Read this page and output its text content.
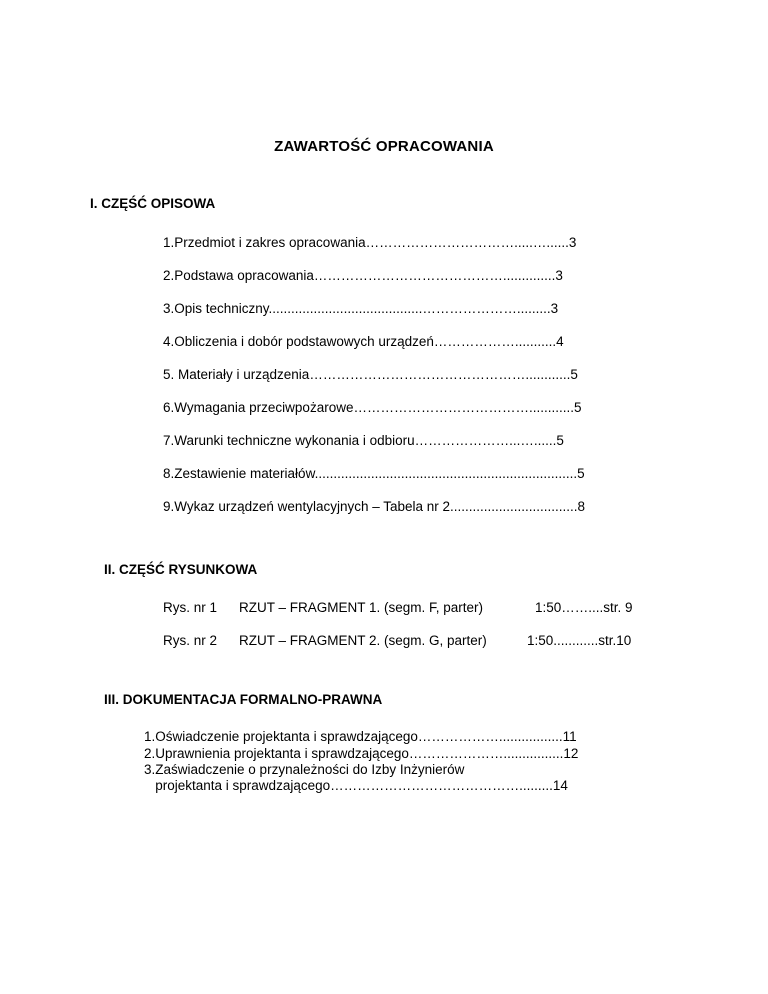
ZAWARTOŚĆ OPRACOWANIA
I. CZĘŚĆ OPISOWA
1.Przedmiot i zakres opracowania…………………………….....…......3
2.Podstawa opracowania……………………………………..............3
3.Opis techniczny.........................................………………….........3
4.Obliczenia i dobór podstawowych urządzeń………………...........4
5. Materiały i urządzenia…………………………………………............5
6.Wymagania przeciwpożarowe…………………………………............5
7.Warunki techniczne wykonania i odbioru…………………...…......5
8.Zestawienie materiałów......................................................................5
9.Wykaz urządzeń wentylacyjnych – Tabela nr 2..................................8
II. CZĘŚĆ RYSUNKOWA
Rys. nr 1 RZUT – FRAGMENT 1. (segm. F, parter)	1:50……....str. 9
Rys. nr 2 RZUT – FRAGMENT 2. (segm. G, parter)	1:50............str.10
III. DOKUMENTACJA FORMALNO-PRAWNA
1.Oświadczenie projektanta i sprawdzającego……………….................11
2.Uprawnienia projektanta i sprawdzającego…………………................12
3.Zaświadczenie o przynależności do Izby Inżynierów
projektanta i sprawdzającego…………………………………….........14
